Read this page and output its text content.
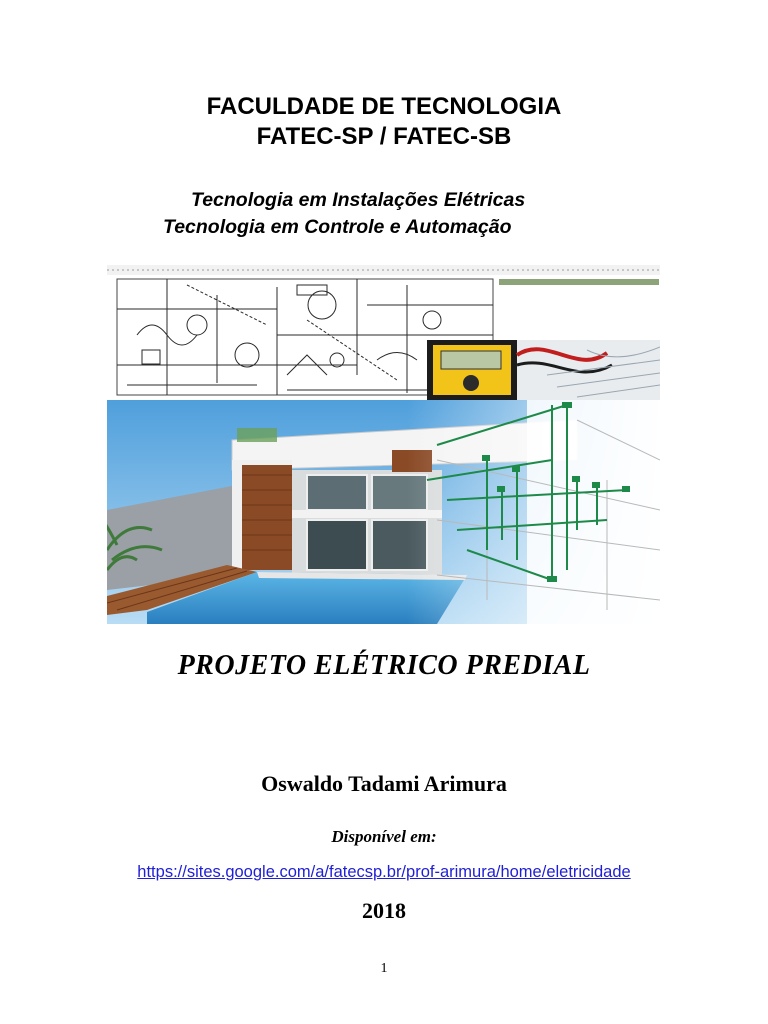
FACULDADE DE TECNOLOGIA

FATEC-SP / FATEC-SB

Tecnologia em Instalações Elétricas
Tecnologia em Controle e Automação
PROJETO ELÉTRICO PREDIAL
Oswaldo Tadami Arimura
Disponível em:
https://sites.google.com/a/fatecsp.br/prof-arimura/home/eletricidade
2018
1
